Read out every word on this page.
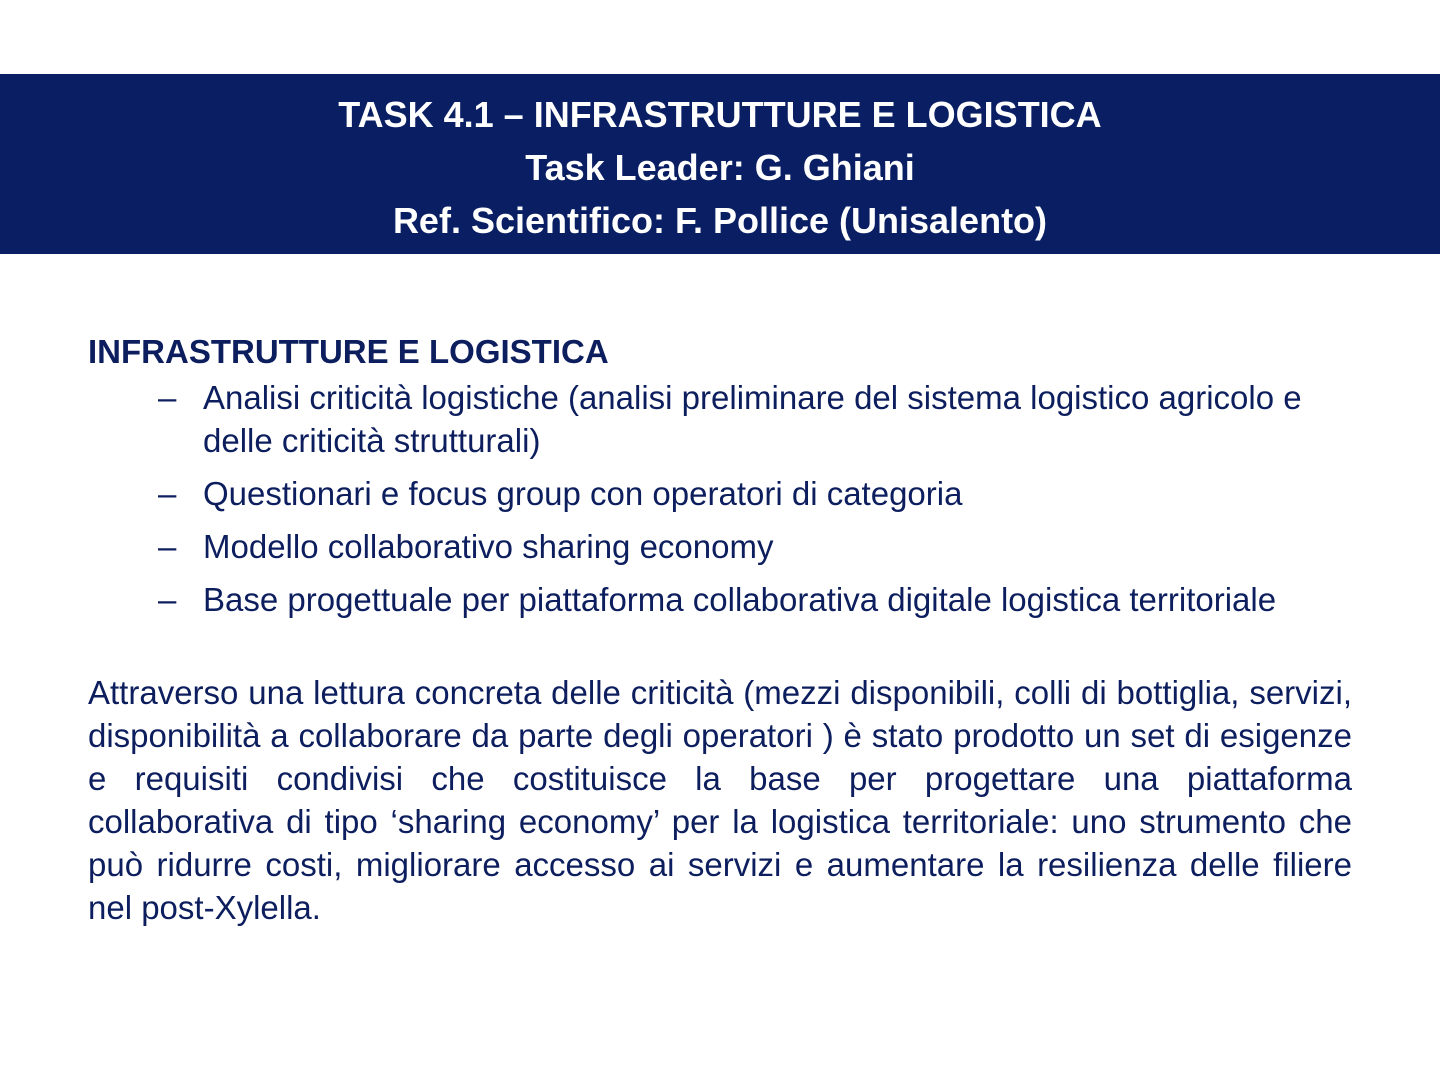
TASK 4.1 – INFRASTRUTTURE E LOGISTICA
Task Leader: G. Ghiani
Ref. Scientifico: F. Pollice (Unisalento)
INFRASTRUTTURE E LOGISTICA
– Analisi criticità logistiche (analisi preliminare del sistema logistico agricolo e delle criticità strutturali)
– Questionari e focus group con operatori di categoria
– Modello collaborativo sharing economy
– Base progettuale per piattaforma collaborativa digitale logistica territoriale

Attraverso una lettura concreta delle criticità (mezzi disponibili, colli di bottiglia, servizi, disponibilità a collaborare da parte degli operatori ) è stato prodotto un set di esigenze e requisiti condivisi che costituisce la base per progettare una piattaforma collaborativa di tipo ‘sharing economy’ per la logistica territoriale: uno strumento che può ridurre costi, migliorare accesso ai servizi e aumentare la resilienza delle filiere nel post-Xylella.
